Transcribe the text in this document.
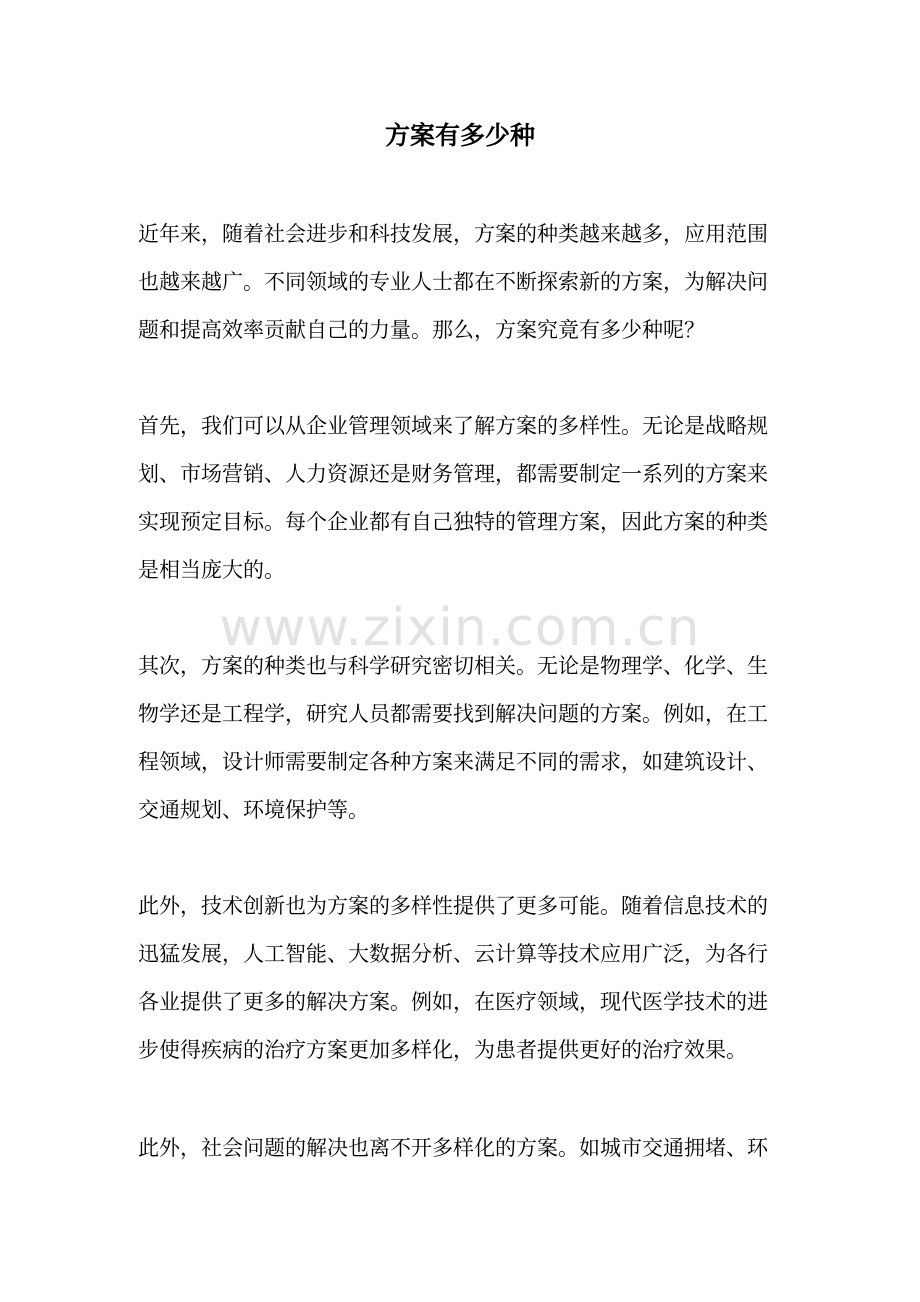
方案有多少种
www.zixin.com.cn
近年来，随着社会进步和科技发展，方案的种类越来越多，应用范围
也越来越广。不同领域的专业人士都在不断探索新的方案，为解决问
题和提高效率贡献自己的力量。那么，方案究竟有多少种呢？
首先，我们可以从企业管理领域来了解方案的多样性。无论是战略规
划、市场营销、人力资源还是财务管理，都需要制定一系列的方案来
实现预定目标。每个企业都有自己独特的管理方案，因此方案的种类
是相当庞大的。
其次，方案的种类也与科学研究密切相关。无论是物理学、化学、生
物学还是工程学，研究人员都需要找到解决问题的方案。例如，在工
程领域，设计师需要制定各种方案来满足不同的需求，如建筑设计、
交通规划、环境保护等。
此外，技术创新也为方案的多样性提供了更多可能。随着信息技术的
迅猛发展，人工智能、大数据分析、云计算等技术应用广泛，为各行
各业提供了更多的解决方案。例如，在医疗领域，现代医学技术的进
步使得疾病的治疗方案更加多样化，为患者提供更好的治疗效果。
此外，社会问题的解决也离不开多样化的方案。如城市交通拥堵、环
